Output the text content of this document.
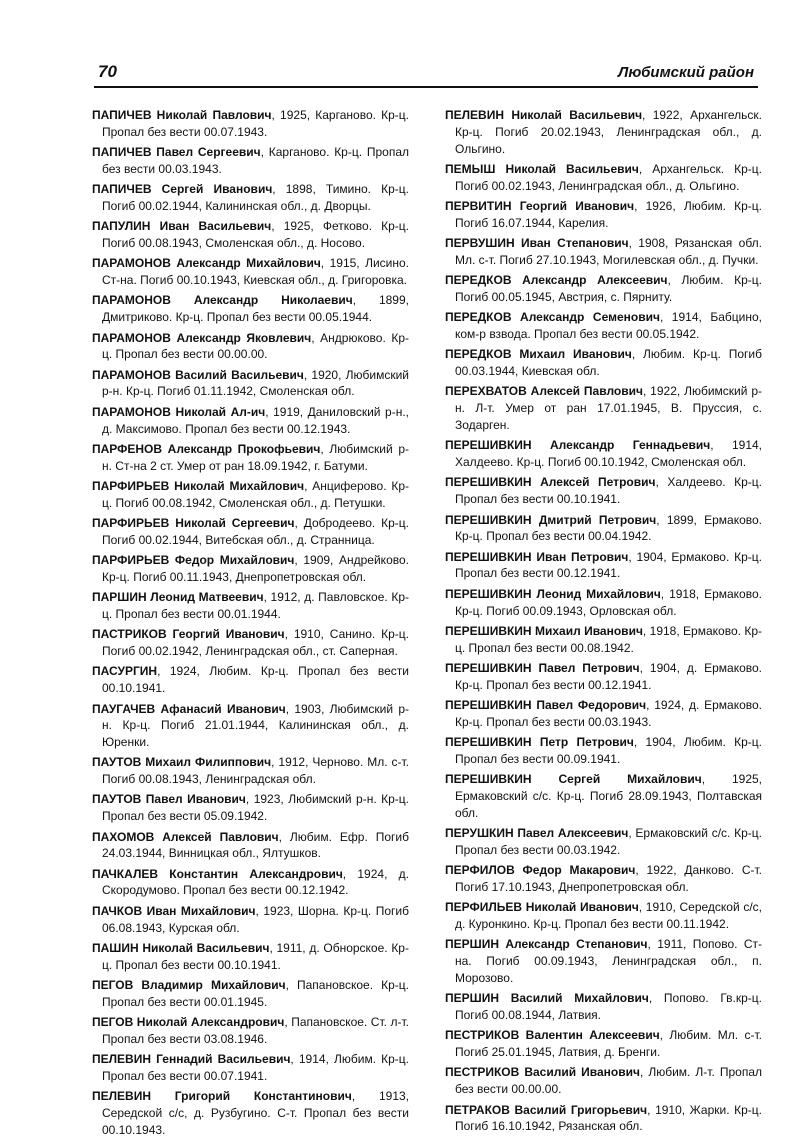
70	Любимский район
ПАПИЧЕВ Николай Павлович, 1925, Карганово. Кр-ц. Пропал без вести 00.07.1943.
ПАПИЧЕВ Павел Сергеевич, Карганово. Кр-ц. Пропал без вести 00.03.1943.
ПАПИЧЕВ Сергей Иванович, 1898, Тимино. Кр-ц. Погиб 00.02.1944, Калининская обл., д. Дворцы.
ПАПУЛИН Иван Васильевич, 1925, Фетково. Кр-ц. Погиб 00.08.1943, Смоленская обл., д. Носово.
ПАРАМОНОВ Александр Михайлович, 1915, Лисино. Ст-на. Погиб 00.10.1943, Киевская обл., д. Григоровка.
ПАРАМОНОВ Александр Николаевич, 1899, Дмитриково. Кр-ц. Пропал без вести 00.05.1944.
ПАРАМОНОВ Александр Яковлевич, Андрюково. Кр-ц. Пропал без вести 00.00.00.
ПАРАМОНОВ Василий Васильевич, 1920, Любимский р-н. Кр-ц. Погиб 01.11.1942, Смоленская обл.
ПАРАМОНОВ Николай Ал-ич, 1919, Даниловский р-н., д. Максимово. Пропал без вести 00.12.1943.
ПАРФЕНОВ Александр Прокофьевич, Любимский р-н. Ст-на 2 ст. Умер от ран 18.09.1942, г. Батуми.
ПАРФИРЬЕВ Николай Михайлович, Анциферово. Кр-ц. Погиб 00.08.1942, Смоленская обл., д. Петушки.
ПАРФИРЬЕВ Николай Сергеевич, Добродеево. Кр-ц. Погиб 00.02.1944, Витебская обл., д. Странница.
ПАРФИРЬЕВ Федор Михайлович, 1909, Андрейково. Кр-ц. Погиб 00.11.1943, Днепропетровская обл.
ПАРШИН Леонид Матвеевич, 1912, д. Павловское. Кр-ц. Пропал без вести 00.01.1944.
ПАСТРИКОВ Георгий Иванович, 1910, Санино. Кр-ц. Погиб 00.02.1942, Ленинградская обл., ст. Саперная.
ПАСУРГИН, 1924, Любим. Кр-ц. Пропал без вести 00.10.1941.
ПАУГАЧЕВ Афанасий Иванович, 1903, Любимский р-н. Кр-ц. Погиб 21.01.1944, Калининская обл., д. Юренки.
ПАУТОВ Михаил Филиппович, 1912, Черново. Мл. с-т. Погиб 00.08.1943, Ленинградская обл.
ПАУТОВ Павел Иванович, 1923, Любимский р-н. Кр-ц. Пропал без вести 05.09.1942.
ПАХОМОВ Алексей Павлович, Любим. Ефр. Погиб 24.03.1944, Винницкая обл., Ялтушков.
ПАЧКАЛЕВ Константин Александрович, 1924, д. Скородумово. Пропал без вести 00.12.1942.
ПАЧКОВ Иван Михайлович, 1923, Шорна. Кр-ц. Погиб 06.08.1943, Курская обл.
ПАШИН Николай Васильевич, 1911, д. Обнорское. Кр-ц. Пропал без вести 00.10.1941.
ПЕГОВ Владимир Михайлович, Папановское. Кр-ц. Пропал без вести 00.01.1945.
ПЕГОВ Николай Александрович, Папановское. Ст. л-т. Пропал без вести 03.08.1946.
ПЕЛЕВИН Геннадий Васильевич, 1914, Любим. Кр-ц. Пропал без вести 00.07.1941.
ПЕЛЕВИН Григорий Константинович, 1913, Середской с/с, д. Рузбугино. С-т. Пропал без вести 00.10.1943.
ПЕЛЕВИН Николай Васильевич, 1922, Архангельск. Кр-ц. Погиб 20.02.1943, Ленинградская обл., д. Ольгино.
ПЕМЫШ Николай Васильевич, Архангельск. Кр-ц. Погиб 00.02.1943, Ленинградская обл., д. Ольгино.
ПЕРВИТИН Георгий Иванович, 1926, Любим. Кр-ц. Погиб 16.07.1944, Карелия.
ПЕРВУШИН Иван Степанович, 1908, Рязанская обл. Мл. с-т. Погиб 27.10.1943, Могилевская обл., д. Пучки.
ПЕРЕДКОВ Александр Алексеевич, Любим. Кр-ц. Погиб 00.05.1945, Австрия, с. Пярниту.
ПЕРЕДКОВ Александр Семенович, 1914, Бабцино, ком-р взвода. Пропал без вести 00.05.1942.
ПЕРЕДКОВ Михаил Иванович, Любим. Кр-ц. Погиб 00.03.1944, Киевская обл.
ПЕРЕХВАТОВ Алексей Павлович, 1922, Любимский р-н. Л-т. Умер от ран 17.01.1945, В. Пруссия, с. Зодарген.
ПЕРЕШИВКИН Александр Геннадьевич, 1914, Халдеево. Кр-ц. Погиб 00.10.1942, Смоленская обл.
ПЕРЕШИВКИН Алексей Петрович, Халдеево. Кр-ц. Пропал без вести 00.10.1941.
ПЕРЕШИВКИН Дмитрий Петрович, 1899, Ермаково. Кр-ц. Пропал без вести 00.04.1942.
ПЕРЕШИВКИН Иван Петрович, 1904, Ермаково. Кр-ц. Пропал без вести 00.12.1941.
ПЕРЕШИВКИН Леонид Михайлович, 1918, Ермаково. Кр-ц. Погиб 00.09.1943, Орловская обл.
ПЕРЕШИВКИН Михаил Иванович, 1918, Ермаково. Кр-ц. Пропал без вести 00.08.1942.
ПЕРЕШИВКИН Павел Петрович, 1904, д. Ермаково. Кр-ц. Пропал без вести 00.12.1941.
ПЕРЕШИВКИН Павел Федорович, 1924, д. Ермаково. Кр-ц. Пропал без вести 00.03.1943.
ПЕРЕШИВКИН Петр Петрович, 1904, Любим. Кр-ц. Пропал без вести 00.09.1941.
ПЕРЕШИВКИН Сергей Михайлович, 1925, Ермаковский с/с. Кр-ц. Погиб 28.09.1943, Полтавская обл.
ПЕРУШКИН Павел Алексеевич, Ермаковский с/с. Кр-ц. Пропал без вести 00.03.1942.
ПЕРФИЛОВ Федор Макарович, 1922, Данково. С-т. Погиб 17.10.1943, Днепропетровская обл.
ПЕРФИЛЬЕВ Николай Иванович, 1910, Середской с/с, д. Куронкино. Кр-ц. Пропал без вести 00.11.1942.
ПЕРШИН Александр Степанович, 1911, Попово. Ст-на. Погиб 00.09.1943, Ленинградская обл., п. Морозово.
ПЕРШИН Василий Михайлович, Попово. Гв.кр-ц. Погиб 00.08.1944, Латвия.
ПЕСТРИКОВ Валентин Алексеевич, Любим. Мл. с-т. Погиб 25.01.1945, Латвия, д. Бренги.
ПЕСТРИКОВ Василий Иванович, Любим. Л-т. Пропал без вести 00.00.00.
ПЕТРАКОВ Василий Григорьевич, 1910, Жарки. Кр-ц. Погиб 16.10.1942, Рязанская обл.
